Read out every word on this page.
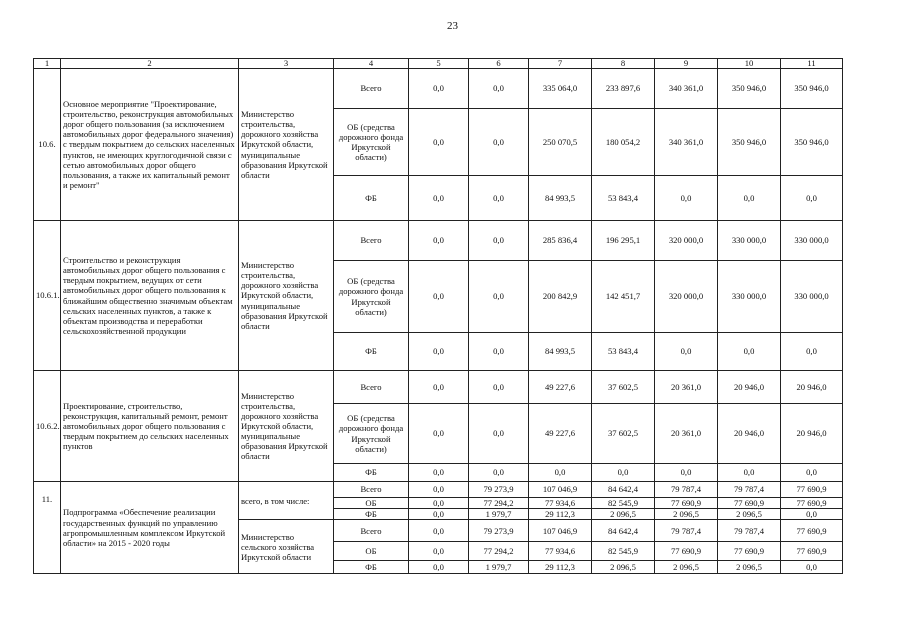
23
1	2	3	4	5	6	7	8	9	10	11
10.6.	Основное мероприятие "Проектирование, строительство, реконструкция автомобильных дорог общего пользования (за исключением автомобильных дорог федерального значения) с твердым покрытием до сельских населенных пунктов, не имеющих круглогодичной связи с сетью автомобильных дорог общего пользования, а также их капитальный ремонт и ремонт"	Министерство строительства, дорожного хозяйства Иркутской области, муниципальные образования Иркутской области	Всего	0,0	0,0	335 064,0	233 897,6	340 361,0	350 946,0	350 946,0
			ОБ (средства дорожного фонда Иркутской области)	0,0	0,0	250 070,5	180 054,2	340 361,0	350 946,0	350 946,0
			ФБ	0,0	0,0	84 993,5	53 843,4	0,0	0,0	0,0
10.6.1.	Строительство и реконструкция автомобильных дорог общего пользования с твердым покрытием, ведущих от сети автомобильных дорог общего пользования к ближайшим общественно значимым объектам сельских населенных пунктов, а также к объектам производства и переработки сельскохозяйственной продукции	Министерство строительства, дорожного хозяйства Иркутской области, муниципальные образования Иркутской области	Всего	0,0	0,0	285 836,4	196 295,1	320 000,0	330 000,0	330 000,0
			ОБ (средства дорожного фонда Иркутской области)	0,0	0,0	200 842,9	142 451,7	320 000,0	330 000,0	330 000,0
			ФБ	0,0	0,0	84 993,5	53 843,4	0,0	0,0	0,0
10.6.2.	Проектирование, строительство, реконструкция, капитальный ремонт, ремонт автомобильных дорог общего пользования с твердым покрытием до сельских населенных пунктов	Министерство строительства, дорожного хозяйства Иркутской области, муниципальные образования Иркутской области	Всего	0,0	0,0	49 227,6	37 602,5	20 361,0	20 946,0	20 946,0
			ОБ (средства дорожного фонда Иркутской области)	0,0	0,0	49 227,6	37 602,5	20 361,0	20 946,0	20 946,0
			ФБ	0,0	0,0	0,0	0,0	0,0	0,0	0,0
11.	Подпрограмма «Обеспечение реализации государственных функций по управлению агропромышленным комплексом Иркутской области» на 2015 - 2020 годы	всего, в том числе:	Всего	0,0	79 273,9	107 046,9	84 642,4	79 787,4	79 787,4	77 690,9
			ОБ	0,0	77 294,2	77 934,6	82 545,9	77 690,9	77 690,9	77 690,9
			ФБ	0,0	1 979,7	29 112,3	2 096,5	2 096,5	2 096,5	0,0
		Министерство сельского хозяйства Иркутской области	Всего	0,0	79 273,9	107 046,9	84 642,4	79 787,4	79 787,4	77 690,9
			ОБ	0,0	77 294,2	77 934,6	82 545,9	77 690,9	77 690,9	77 690,9
			ФБ	0,0	1 979,7	29 112,3	2 096,5	2 096,5	2 096,5	0,0
